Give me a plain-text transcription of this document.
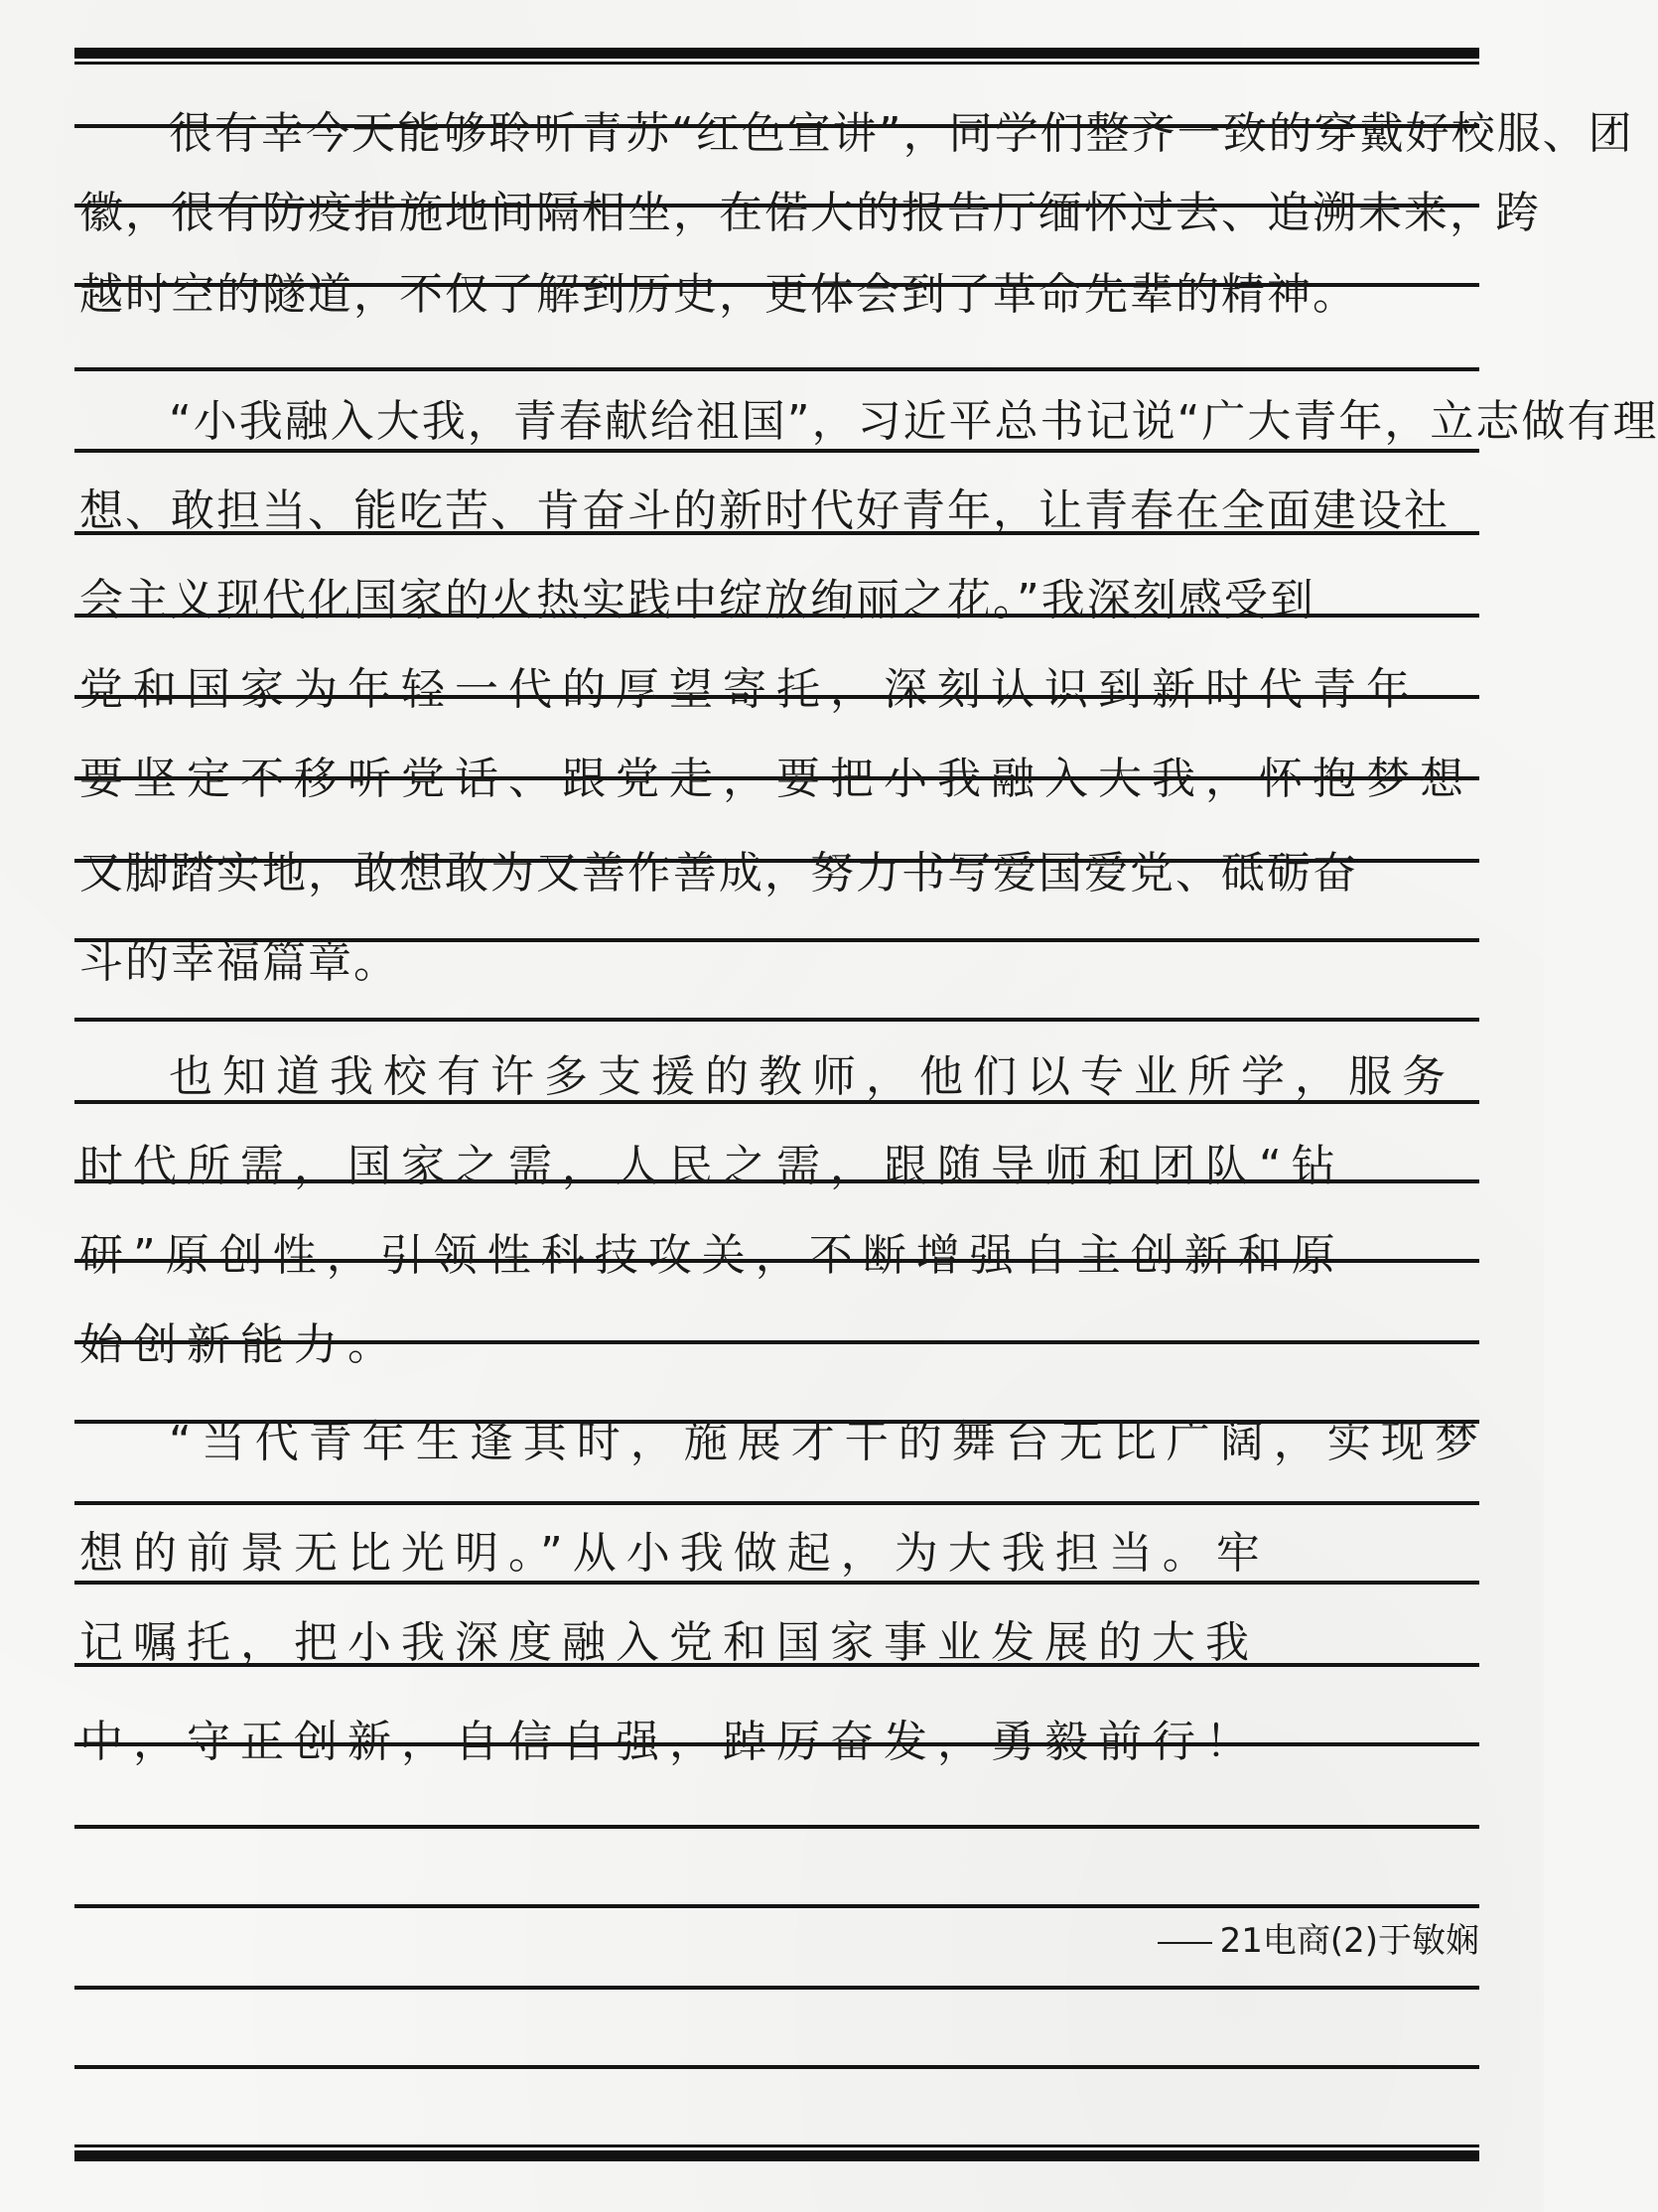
很有幸今天能够聆听青苏“红色宣讲”，同学们整齐一致的穿戴好校服、团
徽，很有防疫措施地间隔相坐，在偌大的报告厅缅怀过去、追溯未来，跨
越时空的隧道，不仅了解到历史，更体会到了革命先辈的精神。
“小我融入大我，青春献给祖国”，习近平总书记说“广大青年，立志做有理
想、敢担当、能吃苦、肯奋斗的新时代好青年，让青春在全面建设社
会主义现代化国家的火热实践中绽放绚丽之花。”我深刻感受到
党和国家为年轻一代的厚望寄托，深刻认识到新时代青年
要坚定不移听党话、跟党走，要把小我融入大我，怀抱梦想
又脚踏实地，敢想敢为又善作善成，努力书写爱国爱党、砥砺奋
斗的幸福篇章。
也知道我校有许多支援的教师，他们以专业所学，服务
时代所需，国家之需，人民之需，跟随导师和团队“钻
研”原创性，引领性科技攻关，不断增强自主创新和原
始创新能力。
“当代青年生逢其时，施展才干的舞台无比广阔，实现梦
想的前景无比光明。”从小我做起，为大我担当。牢
记嘱托，把小我深度融入党和国家事业发展的大我
中，守正创新，自信自强，踔厉奋发，勇毅前行！
21电商(2)于敏娴
